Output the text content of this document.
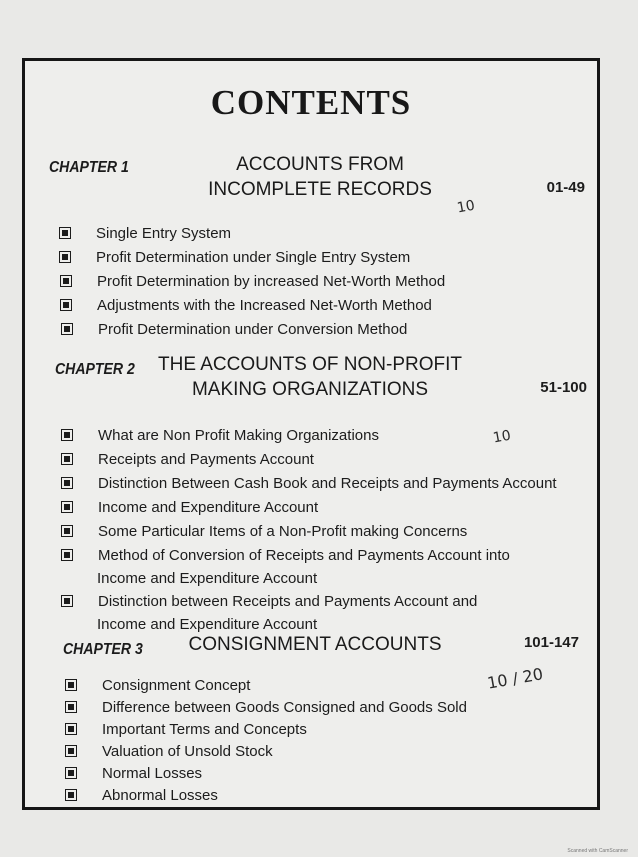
CONTENTS
CHAPTER 1	ACCOUNTS FROM
INCOMPLETE RECORDS	01-49
Single Entry System
Profit Determination under Single Entry System
Profit Determination by increased Net-Worth Method
Adjustments with the Increased Net-Worth Method
Profit Determination under Conversion Method
CHAPTER 2	THE ACCOUNTS OF NON-PROFIT
MAKING ORGANIZATIONS	51-100
What are Non Profit Making Organizations
Receipts and Payments Account
Distinction Between Cash Book and Receipts and Payments Account
Income and Expenditure Account
Some Particular Items of a Non-Profit making Concerns
Method of Conversion of Receipts and Payments Account into
Income and Expenditure Account
Distinction between Receipts and Payments Account and
Income and Expenditure Account
CHAPTER 3	CONSIGNMENT ACCOUNTS	101-147
Consignment Concept
Difference between Goods Consigned and Goods Sold
Important Terms and Concepts
Valuation of Unsold Stock
Normal Losses
Abnormal Losses
10
10
10 / 20
Scanned with CamScanner
